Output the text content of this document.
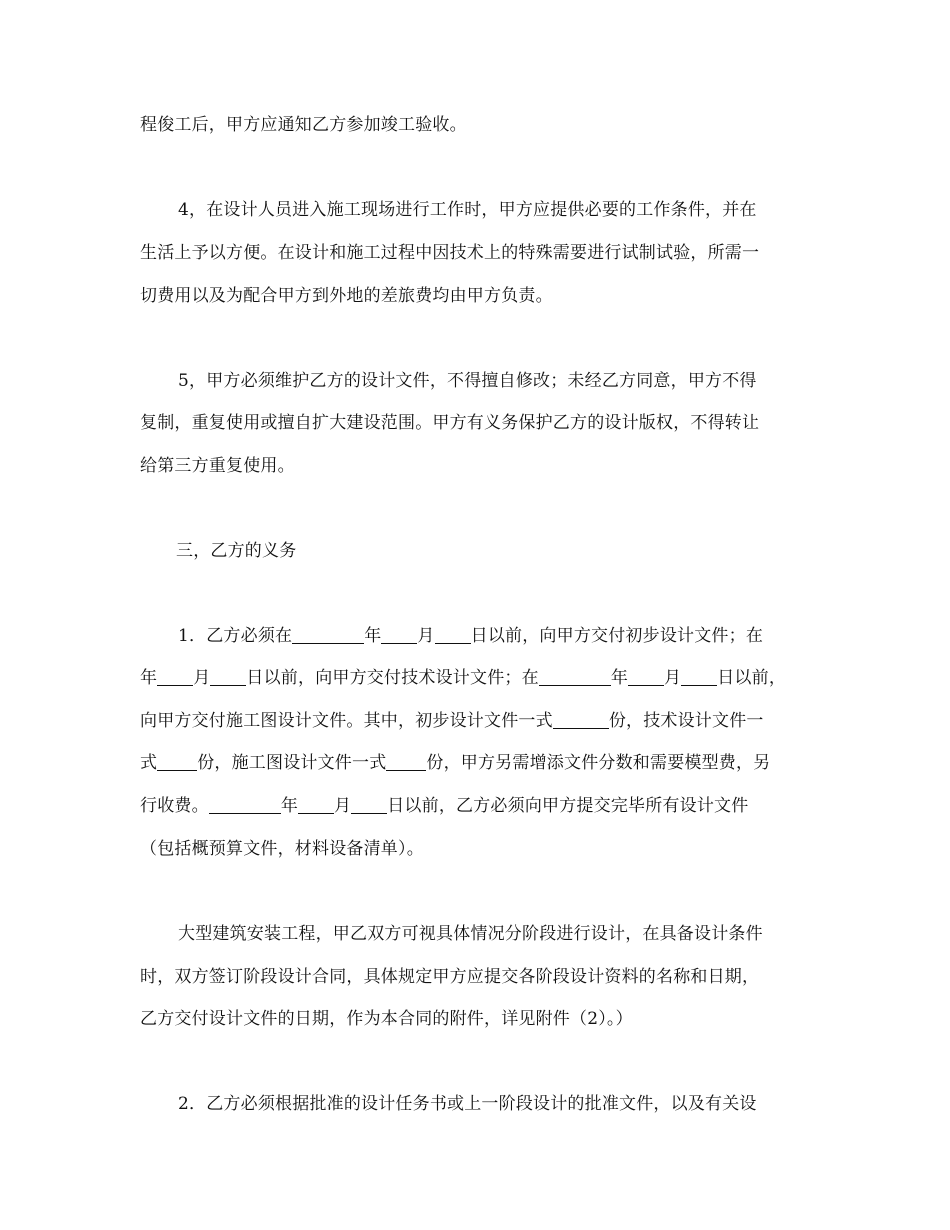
程俊工后，甲方应通知乙方参加竣工验收。
4，在设计人员进入施工现场进行工作时，甲方应提供必要的工作条件，并在
生活上予以方便。在设计和施工过程中因技术上的特殊需要进行试制试验，所需一
切费用以及为配合甲方到外地的差旅费均由甲方负责。
5，甲方必须维护乙方的设计文件，不得擅自修改；未经乙方同意，甲方不得
复制，重复使用或擅自扩大建设范围。甲方有义务保护乙方的设计版权，不得转让
给第三方重复使用。
三，乙方的义务
1．乙方必须在	年 月 日以前，向甲方交付初步设计文件；在
年 月 日以前，向甲方交付技术设计文件；在	年 月 日以前，
向甲方交付施工图设计文件。其中，初步设计文件一式	份，技术设计文件一
式 份，施工图设计文件一式 份，甲方另需增添文件分数和需要模型费，另
行收费。	年 月 日以前，乙方必须向甲方提交完毕所有设计文件
（包括概预算文件，材料设备清单）。
大型建筑安装工程，甲乙双方可视具体情况分阶段进行设计，在具备设计条件
时，双方签订阶段设计合同，具体规定甲方应提交各阶段设计资料的名称和日期，
乙方交付设计文件的日期，作为本合同的附件，详见附件（2）。）
2．乙方必须根据批准的设计任务书或上一阶段设计的批准文件，以及有关设
